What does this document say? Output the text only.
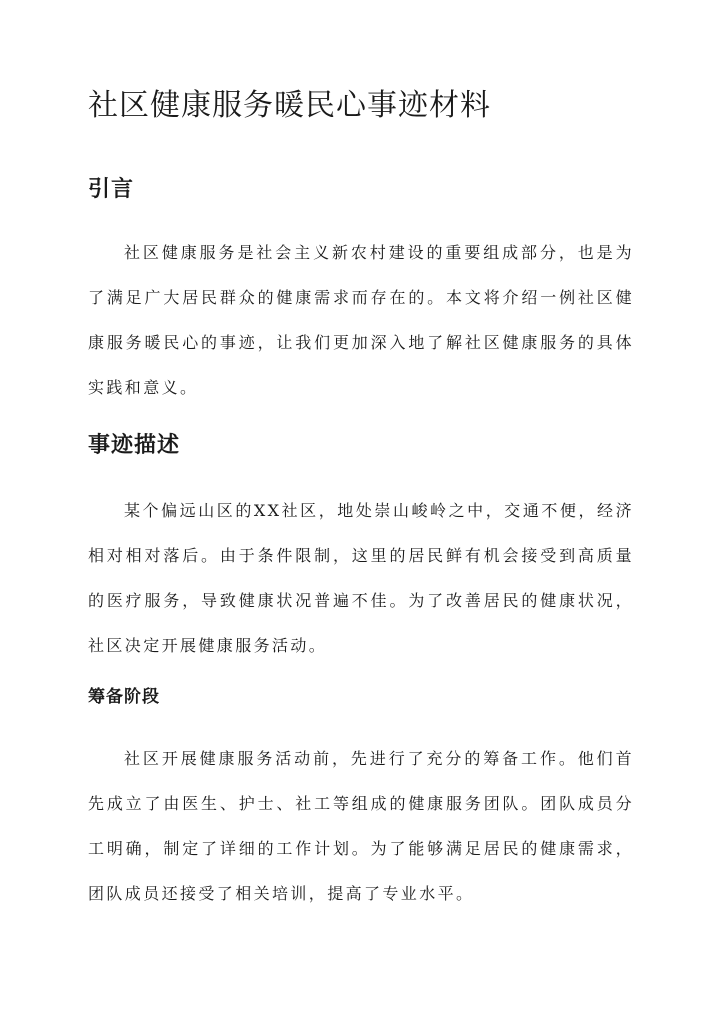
社区健康服务暖民心事迹材料
引言

社区健康服务是社会主义新农村建设的重要组成部分，也是为了满足广大居民群众的健康需求而存在的。本文将介绍一例社区健康服务暖民心的事迹，让我们更加深入地了解社区健康服务的具体实践和意义。

事迹描述

某个偏远山区的XX社区，地处崇山峻岭之中，交通不便，经济相对相对落后。由于条件限制，这里的居民鲜有机会接受到高质量的医疗服务，导致健康状况普遍不佳。为了改善居民的健康状况，社区决定开展健康服务活动。

筹备阶段

社区开展健康服务活动前，先进行了充分的筹备工作。他们首先成立了由医生、护士、社工等组成的健康服务团队。团队成员分工明确，制定了详细的工作计划。为了能够满足居民的健康需求，团队成员还接受了相关培训，提高了专业水平。
